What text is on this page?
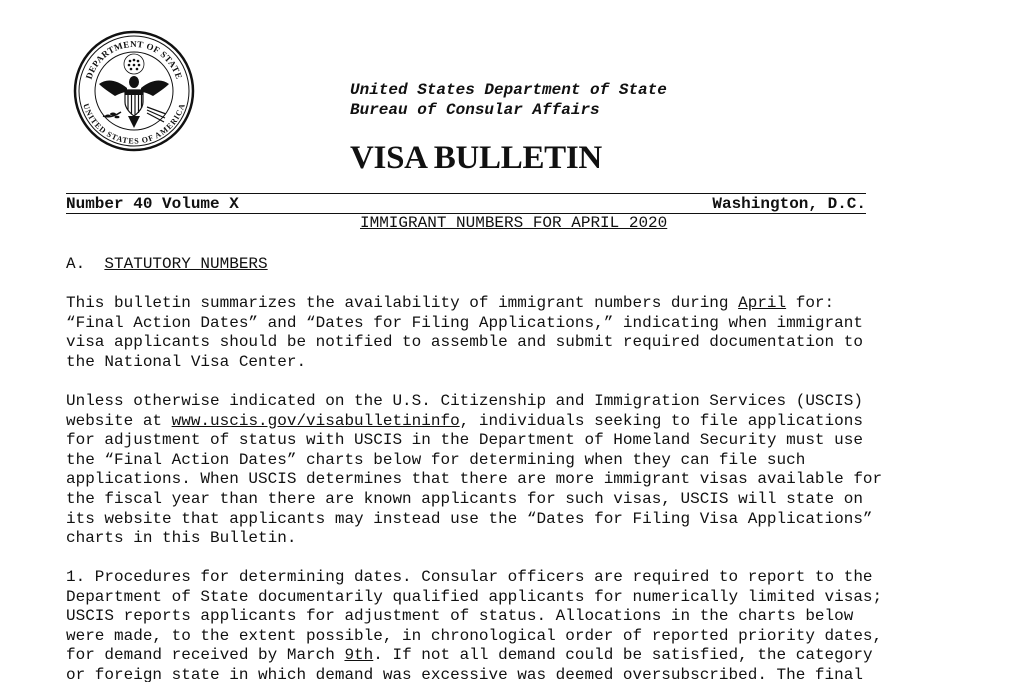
DEPARTMENT OF STATE
UNITED STATES OF AMERICA
United States Department of State
Bureau of Consular Affairs
VISA BULLETIN
Number 40 Volume X	Washington, D.C.
IMMIGRANT NUMBERS FOR APRIL 2020
A. STATUTORY NUMBERS
This bulletin summarizes the availability of immigrant numbers during April for:
“Final Action Dates” and “Dates for Filing Applications,” indicating when immigrant
visa applicants should be notified to assemble and submit required documentation to
the National Visa Center.
Unless otherwise indicated on the U.S. Citizenship and Immigration Services (USCIS)
website at www.uscis.gov/visabulletininfo, individuals seeking to file applications
for adjustment of status with USCIS in the Department of Homeland Security must use
the “Final Action Dates” charts below for determining when they can file such
applications. When USCIS determines that there are more immigrant visas available for
the fiscal year than there are known applicants for such visas, USCIS will state on
its website that applicants may instead use the “Dates for Filing Visa Applications”
charts in this Bulletin.
1. Procedures for determining dates. Consular officers are required to report to the
Department of State documentarily qualified applicants for numerically limited visas;
USCIS reports applicants for adjustment of status. Allocations in the charts below
were made, to the extent possible, in chronological order of reported priority dates,
for demand received by March 9th. If not all demand could be satisfied, the category
or foreign state in which demand was excessive was deemed oversubscribed. The final
